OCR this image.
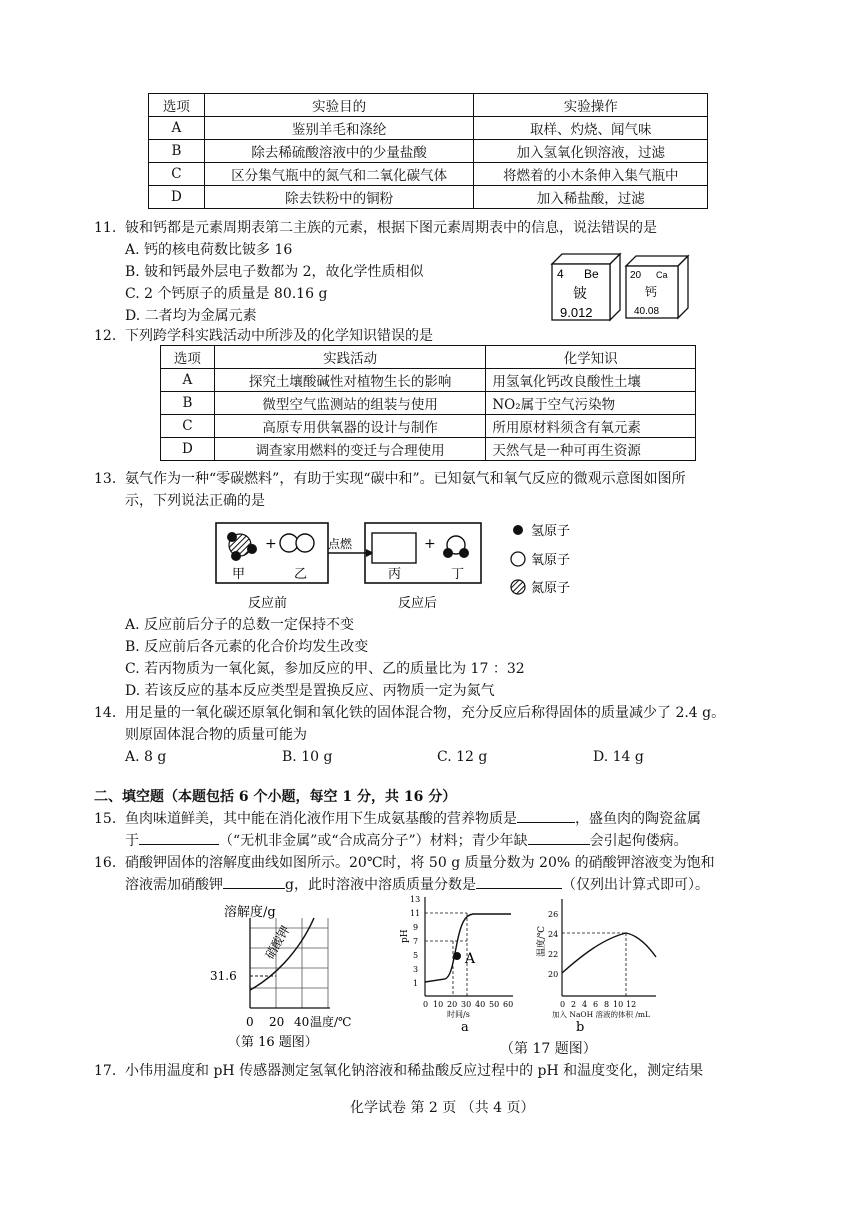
选项	实验目的	实验操作
A	鉴别羊毛和涤纶	取样、灼烧、闻气味
B	除去稀硫酸溶液中的少量盐酸	加入氢氧化钡溶液，过滤
C	区分集气瓶中的氮气和二氧化碳气体	将燃着的小木条伸入集气瓶中
D	除去铁粉中的铜粉	加入稀盐酸，过滤
11. 铍和钙都是元素周期表第二主族的元素，根据下图元素周期表中的信息，说法错误的是
A. 钙的核电荷数比铍多 16
B. 铍和钙最外层电子数都为 2，故化学性质相似
C. 2 个钙原子的质量是 80.16 g
D. 二者均为金属元素
4 Be
铍
9.012
20 Ca
钙
40.08
12. 下列跨学科实践活动中所涉及的化学知识错误的是
选项	实践活动	化学知识
A	探究土壤酸碱性对植物生长的影响	用氢氧化钙改良酸性土壤
B	微型空气监测站的组装与使用	NO₂属于空气污染物
C	高原专用供氧器的设计与制作	所用原材料须含有氧元素
D	调查家用燃料的变迁与合理使用	天然气是一种可再生资源
13. 氨气作为一种“零碳燃料”，有助于实现“碳中和”。已知氨气和氧气反应的微观示意图如图所
示，下列说法正确的是
+
甲	乙
点燃	+
丙	丁
反应前	反应后
氢原子
氧原子
氮原子
A. 反应前后分子的总数一定保持不变
B. 反应前后各元素的化合价均发生改变
C. 若丙物质为一氧化氮，参加反应的甲、乙的质量比为 17 ：32
D. 若该反应的基本反应类型是置换反应、丙物质一定为氮气
14. 用足量的一氧化碳还原氧化铜和氧化铁的固体混合物，充分反应后称得固体的质量减少了 2.4 g。
则原固体混合物的质量可能为
A. 8 g	B. 10 g	C. 12 g	D. 14 g
二、填空题（本题包括 6 个小题，每空 1 分，共 16 分）
15. 鱼肉味道鲜美，其中能在消化液作用下生成氨基酸的营养物质是	，盛鱼肉的陶瓷盆属
于	（“无机非金属”或“合成高分子”）材料；青少年缺	会引起佝偻病。
16. 硝酸钾固体的溶解度曲线如图所示。20℃时，将 50 g 质量分数为 20% 的硝酸钾溶液变为饱和
溶液需加硝酸钾	g，此时溶液中溶质质量分数是	（仅列出计算式即可）。
溶解度/g
31.6
硝酸钾
0 20 40 温度/℃
（第 16 题图）
pH
1
3
5
7
9
11
13
A
0 10 20 30 40 50 60
时间/s
a
温度/℃
20
22
24
26
0 2 4 6 8 10 12
加入 NaOH 溶液的体积 /mL
b
（第 17 题图）
17. 小伟用温度和 pH 传感器测定氢氧化钠溶液和稀盐酸反应过程中的 pH 和温度变化，测定结果
化学试卷 第 2 页 （共 4 页）
